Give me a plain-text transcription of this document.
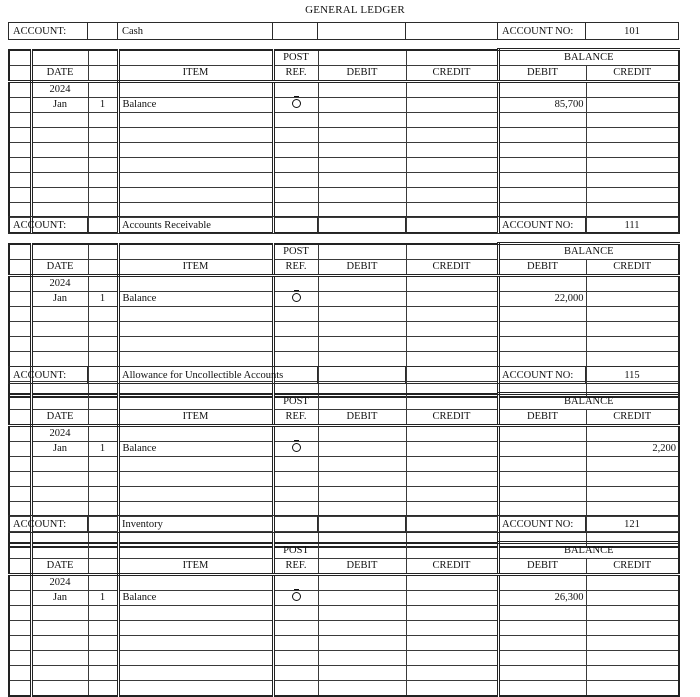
GENERAL LEDGER
ACCOUNT:		Cash				ACCOUNT NO:	101
				POST			BALANCE	
	DATE		ITEM	REF.	DEBIT	CREDIT	DEBIT	CREDIT
	2024							
	Jan	1	Balance				85,700	

ACCOUNT:		Accounts Receivable				ACCOUNT NO:	111
				POST			BALANCE	
	DATE		ITEM	REF.	DEBIT	CREDIT	DEBIT	CREDIT
	2024							
	Jan	1	Balance				22,000	

ACCOUNT:		Allowance for Uncollectible Accounts				ACCOUNT NO:	115
				POST			BALANCE	
	DATE		ITEM	REF.	DEBIT	CREDIT	DEBIT	CREDIT
	2024							
	Jan	1	Balance					2,200

ACCOUNT:		Inventory				ACCOUNT NO:	121
				POST			BALANCE	
	DATE		ITEM	REF.	DEBIT	CREDIT	DEBIT	CREDIT
	2024							
	Jan	1	Balance				26,300	
